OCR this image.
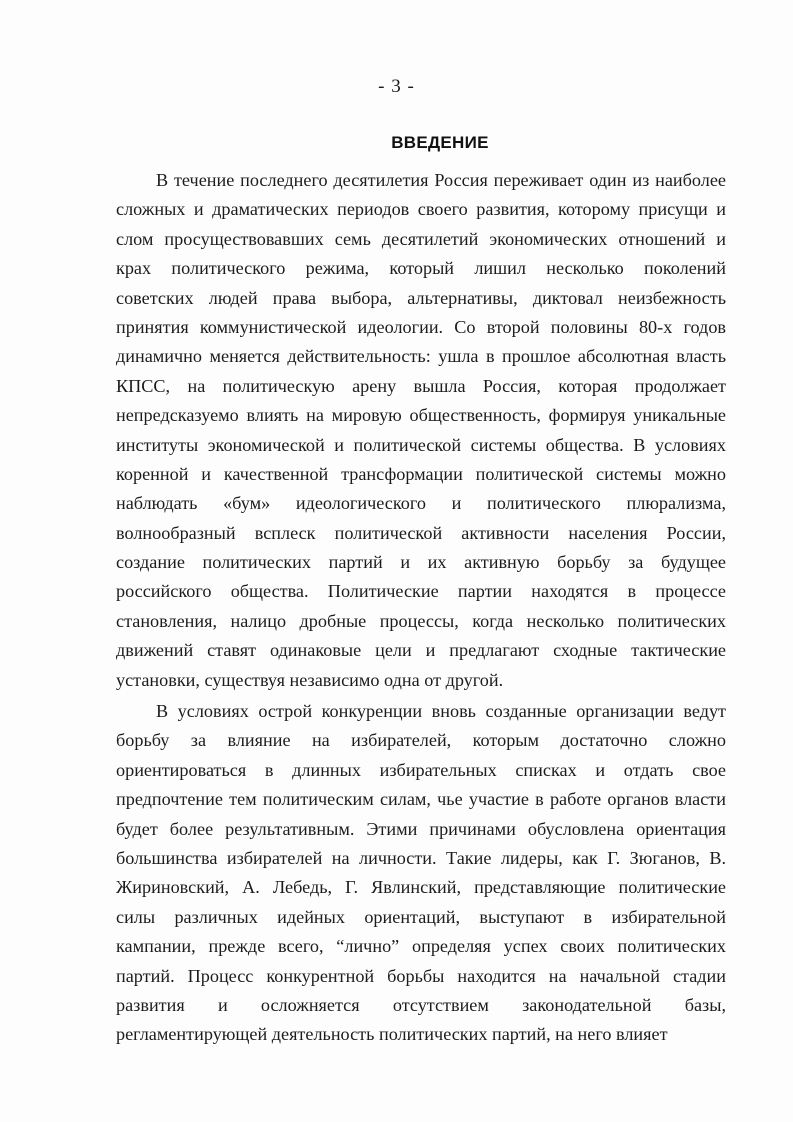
- 3 -
ВВЕДЕНИЕ
В течение последнего десятилетия Россия переживает один из наиболее
сложных и драматических периодов своего развития, которому присущи и
слом просуществовавших семь десятилетий экономических отношений и
крах политического режима, который лишил несколько поколений
советских людей права выбора, альтернативы, диктовал неизбежность
принятия коммунистической идеологии. Со второй половины 80-х годов
динамично меняется действительность: ушла в прошлое абсолютная власть
КПСС, на политическую арену вышла Россия, которая продолжает
непредсказуемо влиять на мировую общественность, формируя уникальные
институты экономической и политической системы общества. В условиях
коренной и качественной трансформации политической системы можно
наблюдать «бум» идеологического и политического плюрализма,
волнообразный всплеск политической активности населения России,
создание политических партий и их активную борьбу за будущее
российского общества. Политические партии находятся в процессе
становления, налицо дробные процессы, когда несколько политических
движений ставят одинаковые цели и предлагают сходные тактические
установки, существуя независимо одна от другой.
В условиях острой конкуренции вновь созданные организации ведут
борьбу за влияние на избирателей, которым достаточно сложно
ориентироваться в длинных избирательных списках и отдать свое
предпочтение тем политическим силам, чье участие в работе органов власти
будет более результативным. Этими причинами обусловлена ориентация
большинства избирателей на личности. Такие лидеры, как Г. Зюганов, В.
Жириновский, А. Лебедь, Г. Явлинский, представляющие политические
силы различных идейных ориентаций, выступают в избирательной
кампании, прежде всего, “лично” определяя успех своих политических
партий. Процесс конкурентной борьбы находится на начальной стадии
развития и осложняется отсутствием законодательной базы,
регламентирующей деятельность политических партий, на него влияет
